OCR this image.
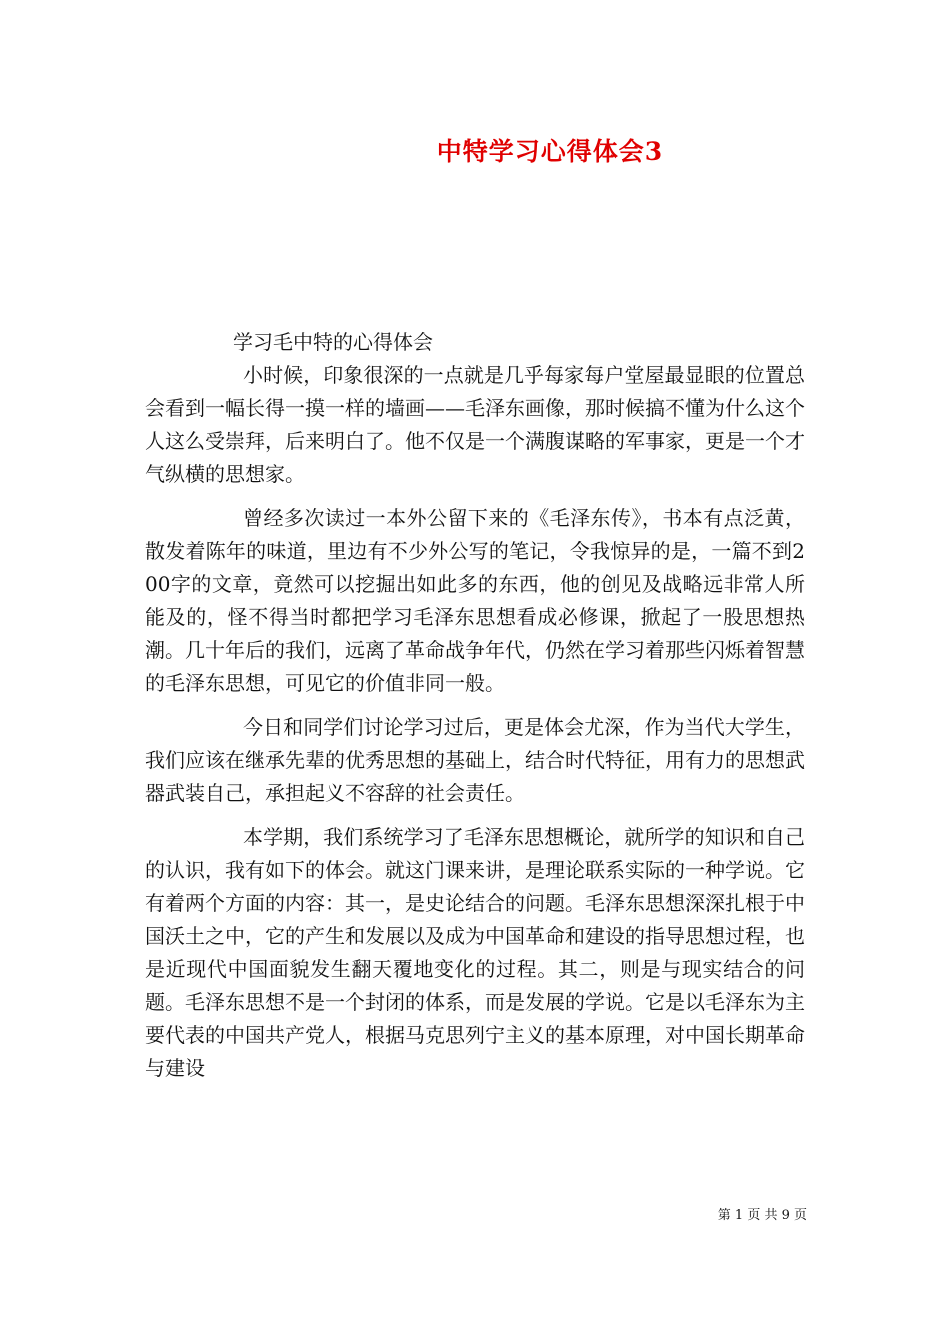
中特学习心得体会3

学习毛中特的心得体会

小时候，印象很深的一点就是几乎每家每户堂屋最显眼的位置总会看到一幅长得一摸一样的墙画——毛泽东画像，那时候搞不懂为什么这个人这么受崇拜，后来明白了。他不仅是一个满腹谋略的军事家，更是一个才气纵横的思想家。

曾经多次读过一本外公留下来的《毛泽东传》，书本有点泛黄，散发着陈年的味道，里边有不少外公写的笔记，令我惊异的是，一篇不到200字的文章，竟然可以挖掘出如此多的东西，他的创见及战略远非常人所能及的，怪不得当时都把学习毛泽东思想看成必修课，掀起了一股思想热潮。几十年后的我们，远离了革命战争年代，仍然在学习着那些闪烁着智慧的毛泽东思想，可见它的价值非同一般。

今日和同学们讨论学习过后，更是体会尤深，作为当代大学生，我们应该在继承先辈的优秀思想的基础上，结合时代特征，用有力的思想武器武装自己，承担起义不容辞的社会责任。

本学期，我们系统学习了毛泽东思想概论，就所学的知识和自己的认识，我有如下的体会。就这门课来讲，是理论联系实际的一种学说。它有着两个方面的内容：其一，是史论结合的问题。毛泽东思想深深扎根于中国沃土之中，它的产生和发展以及成为中国革命和建设的指导思想过程，也是近现代中国面貌发生翻天覆地变化的过程。其二，则是与现实结合的问题。毛泽东思想不是一个封闭的体系，而是发展的学说。它是以毛泽东为主要代表的中国共产党人，根据马克思列宁主义的基本原理，对中国长期革命与建设

第 1 页 共 9 页
